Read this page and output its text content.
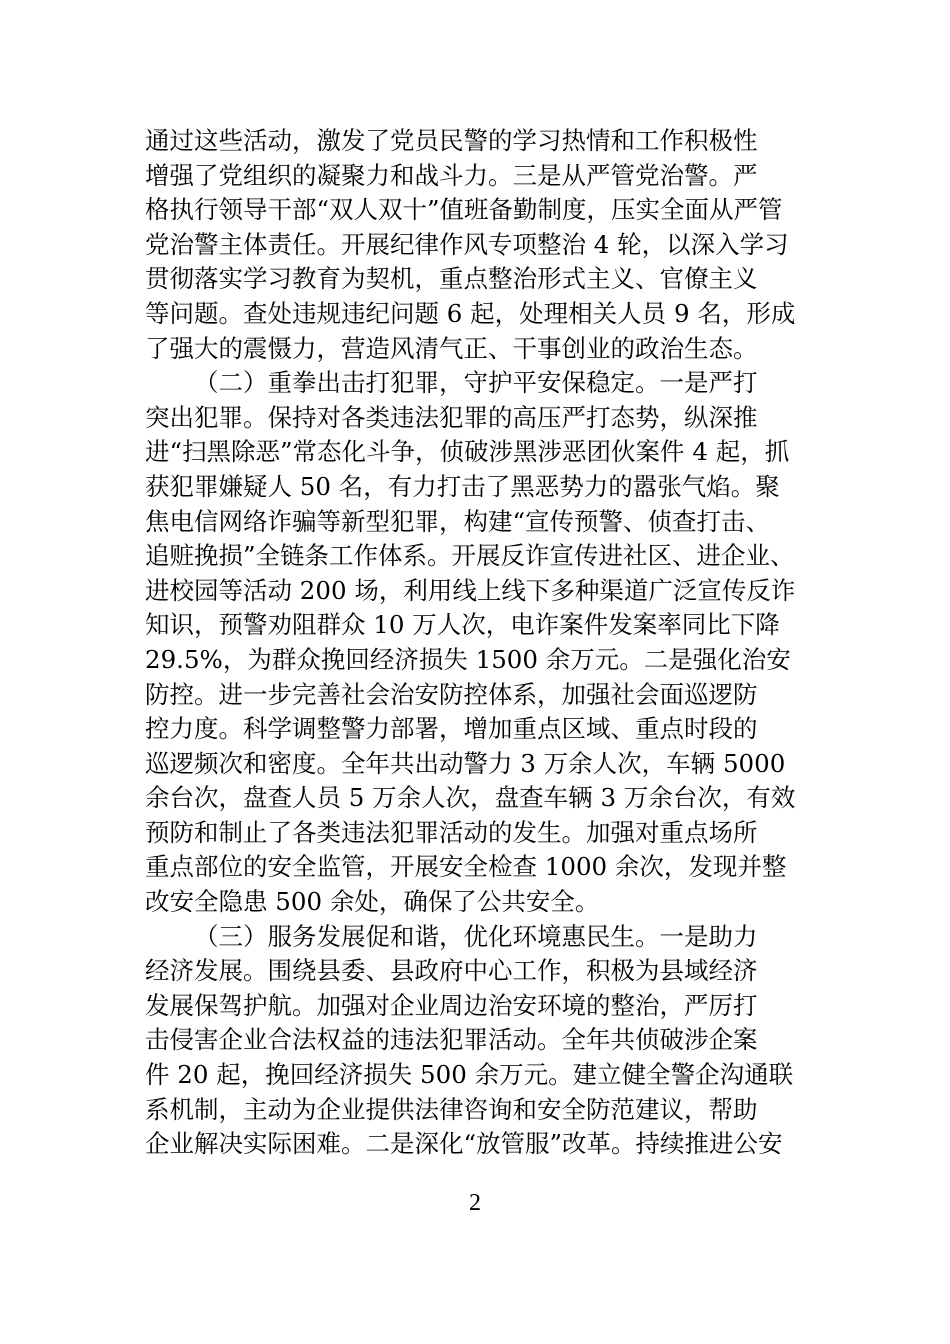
通过这些活动，激发了党员民警的学习热情和工作积极性
增强了党组织的凝聚力和战斗力。三是从严管党治警。严
格执行领导干部“双人双十”值班备勤制度，压实全面从严管
党治警主体责任。开展纪律作风专项整治 4 轮，以深入学习
贯彻落实学习教育为契机，重点整治形式主义、官僚主义
等问题。查处违规违纪问题 6 起，处理相关人员 9 名，形成
了强大的震慑力，营造风清气正、干事创业的政治生态。
（二）重拳出击打犯罪，守护平安保稳定。一是严打
突出犯罪。保持对各类违法犯罪的高压严打态势，纵深推
进“扫黑除恶”常态化斗争，侦破涉黑涉恶团伙案件 4 起，抓
获犯罪嫌疑人 50 名，有力打击了黑恶势力的嚣张气焰。聚
焦电信网络诈骗等新型犯罪，构建“宣传预警、侦查打击、
追赃挽损”全链条工作体系。开展反诈宣传进社区、进企业、
进校园等活动 200 场，利用线上线下多种渠道广泛宣传反诈
知识，预警劝阻群众 10 万人次，电诈案件发案率同比下降
29.5%，为群众挽回经济损失 1500 余万元。二是强化治安
防控。进一步完善社会治安防控体系，加强社会面巡逻防
控力度。科学调整警力部署，增加重点区域、重点时段的
巡逻频次和密度。全年共出动警力 3 万余人次，车辆 5000
余台次，盘查人员 5 万余人次，盘查车辆 3 万余台次，有效
预防和制止了各类违法犯罪活动的发生。加强对重点场所
重点部位的安全监管，开展安全检查 1000 余次，发现并整
改安全隐患 500 余处，确保了公共安全。
（三）服务发展促和谐，优化环境惠民生。一是助力
经济发展。围绕县委、县政府中心工作，积极为县域经济
发展保驾护航。加强对企业周边治安环境的整治，严厉打
击侵害企业合法权益的违法犯罪活动。全年共侦破涉企案
件 20 起，挽回经济损失 500 余万元。建立健全警企沟通联
系机制，主动为企业提供法律咨询和安全防范建议，帮助
企业解决实际困难。二是深化“放管服”改革。持续推进公安
2
